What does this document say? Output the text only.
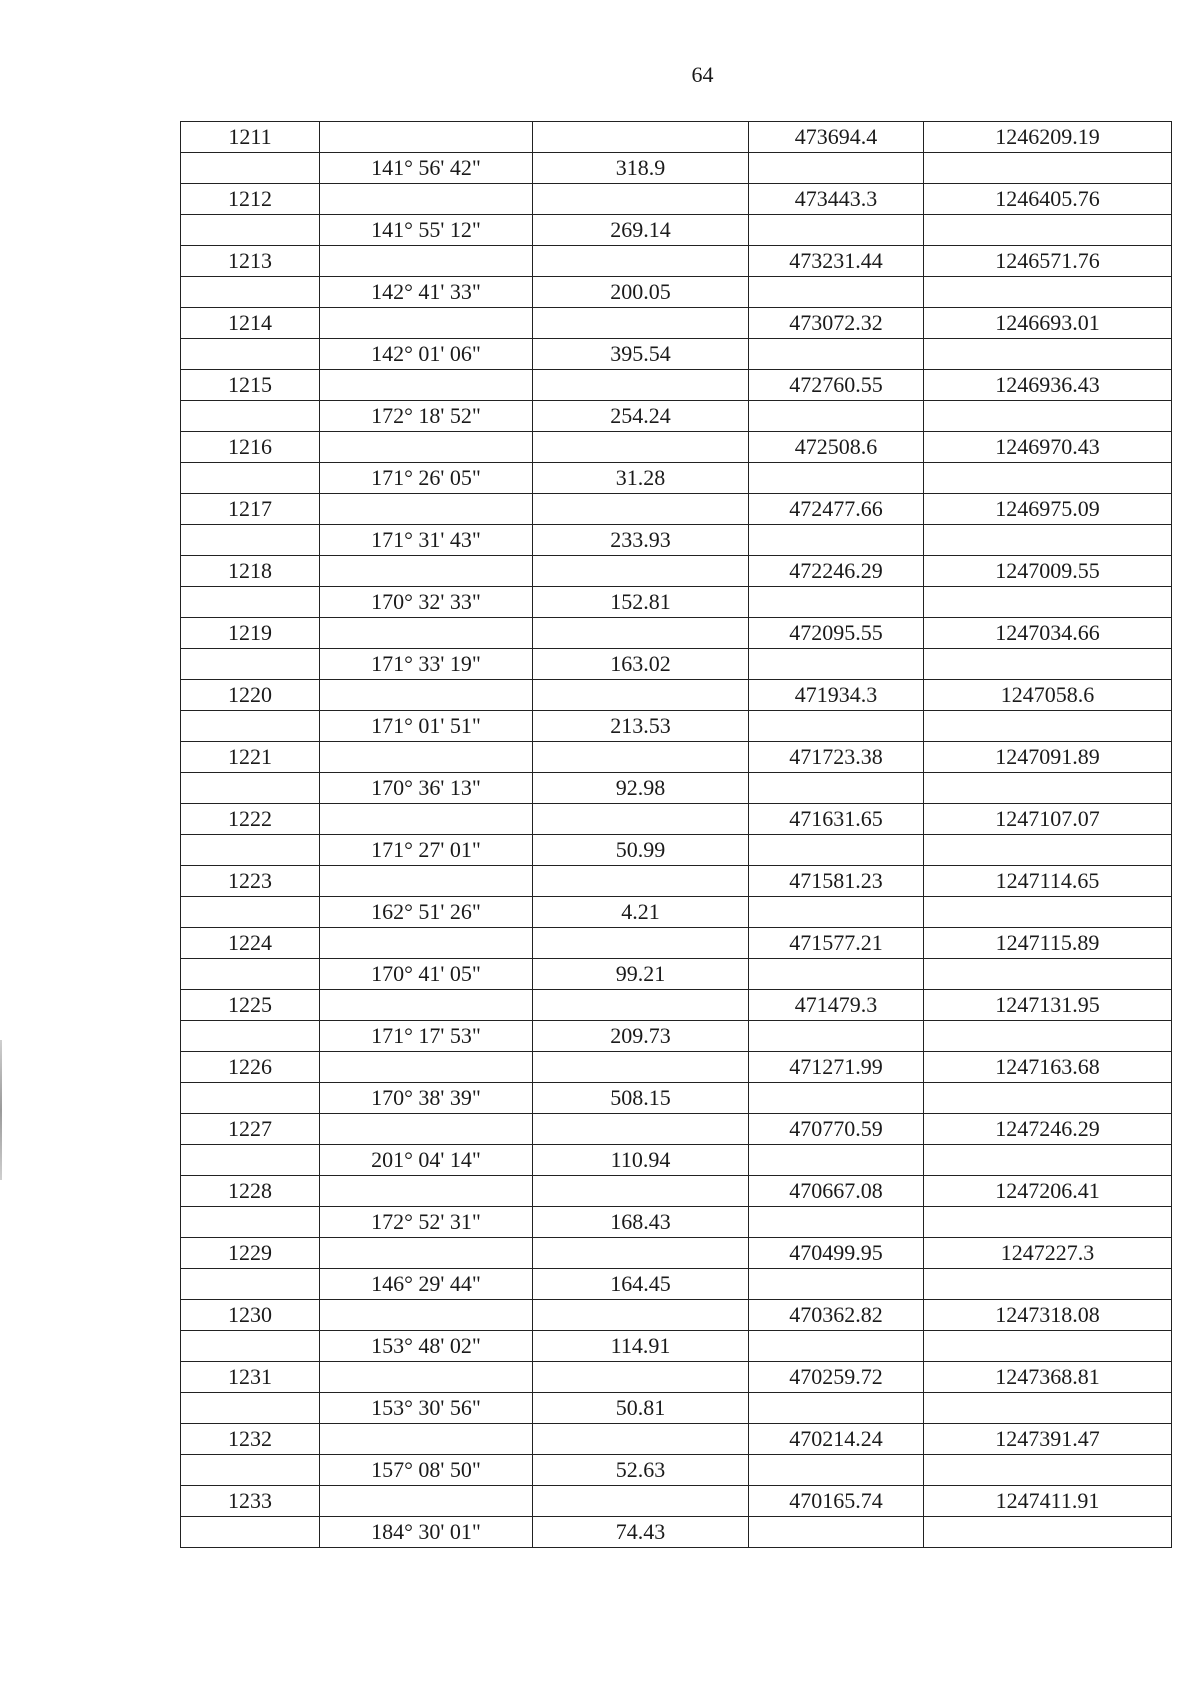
64
1211			473694.4	1246209.19
	141° 56' 42"	318.9		
1212			473443.3	1246405.76
	141° 55' 12"	269.14		
1213			473231.44	1246571.76
	142° 41' 33"	200.05		
1214			473072.32	1246693.01
	142° 01' 06"	395.54		
1215			472760.55	1246936.43
	172° 18' 52"	254.24		
1216			472508.6	1246970.43
	171° 26' 05"	31.28		
1217			472477.66	1246975.09
	171° 31' 43"	233.93		
1218			472246.29	1247009.55
	170° 32' 33"	152.81		
1219			472095.55	1247034.66
	171° 33' 19"	163.02		
1220			471934.3	1247058.6
	171° 01' 51"	213.53		
1221			471723.38	1247091.89
	170° 36' 13"	92.98		
1222			471631.65	1247107.07
	171° 27' 01"	50.99		
1223			471581.23	1247114.65
	162° 51' 26"	4.21		
1224			471577.21	1247115.89
	170° 41' 05"	99.21		
1225			471479.3	1247131.95
	171° 17' 53"	209.73		
1226			471271.99	1247163.68
	170° 38' 39"	508.15		
1227			470770.59	1247246.29
	201° 04' 14"	110.94		
1228			470667.08	1247206.41
	172° 52' 31"	168.43		
1229			470499.95	1247227.3
	146° 29' 44"	164.45		
1230			470362.82	1247318.08
	153° 48' 02"	114.91		
1231			470259.72	1247368.81
	153° 30' 56"	50.81		
1232			470214.24	1247391.47
	157° 08' 50"	52.63		
1233			470165.74	1247411.91
	184° 30' 01"	74.43		
